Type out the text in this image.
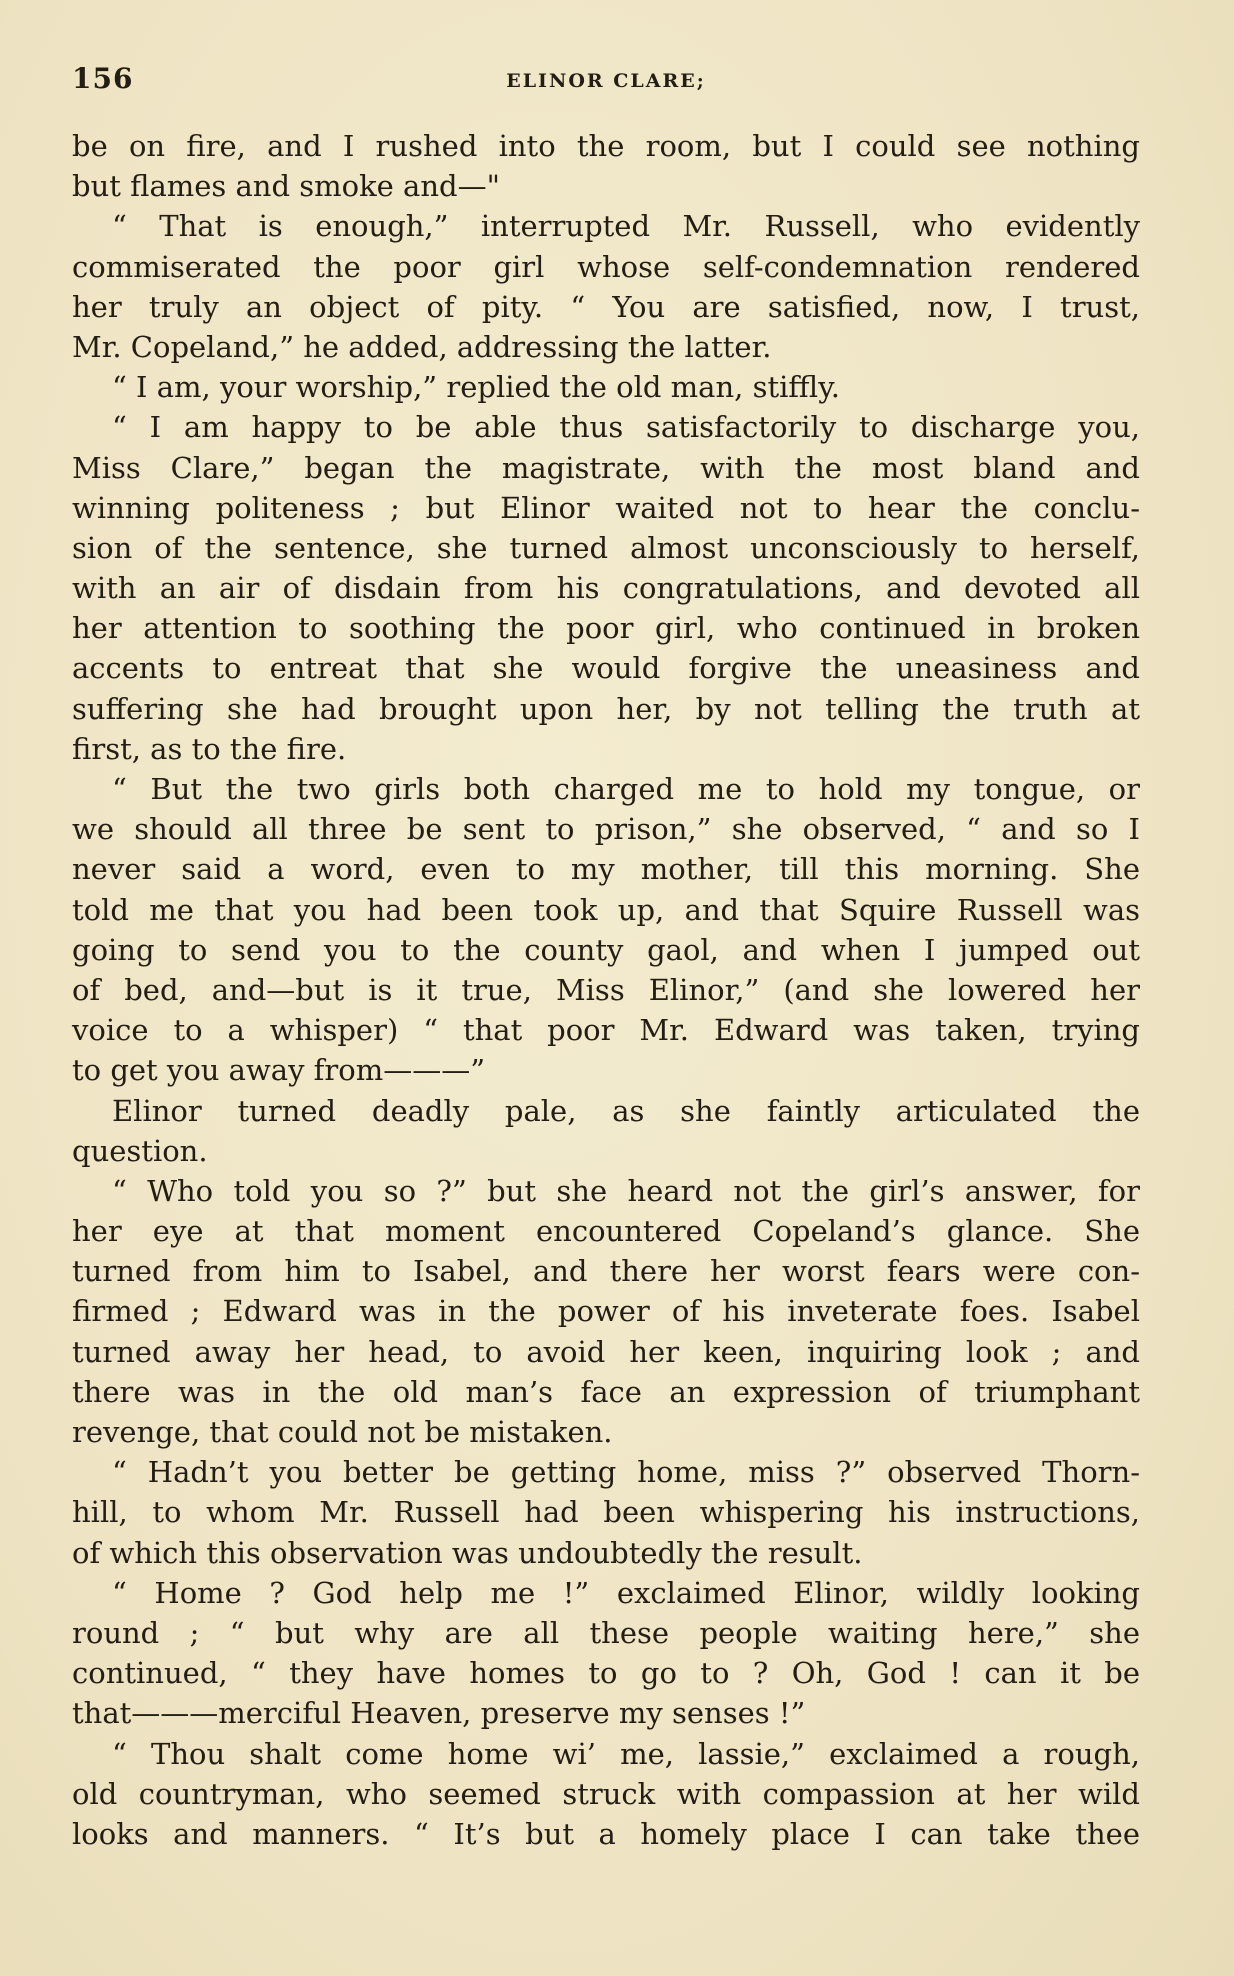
156	ELINOR CLARE;
be on fire, and I rushed into the room, but I could see nothing
but flames and smoke and—"
“ That is enough,” interrupted Mr. Russell, who evidently
commiserated the poor girl whose self-condemnation rendered
her truly an object of pity. “ You are satisfied, now, I trust,
Mr. Copeland,” he added, addressing the latter.
“ I am, your worship,” replied the old man, stiffly.
“ I am happy to be able thus satisfactorily to discharge you,
Miss Clare,” began the magistrate, with the most bland and
winning politeness ; but Elinor waited not to hear the conclu-
sion of the sentence, she turned almost unconsciously to herself,
with an air of disdain from his congratulations, and devoted all
her attention to soothing the poor girl, who continued in broken
accents to entreat that she would forgive the uneasiness and
suffering she had brought upon her, by not telling the truth at
first, as to the fire.
“ But the two girls both charged me to hold my tongue, or
we should all three be sent to prison,” she observed, “ and so I
never said a word, even to my mother, till this morning. She
told me that you had been took up, and that Squire Russell was
going to send you to the county gaol, and when I jumped out
of bed, and—but is it true, Miss Elinor,” (and she lowered her
voice to a whisper) “ that poor Mr. Edward was taken, trying
to get you away from———”
Elinor turned deadly pale, as she faintly articulated the
question.
“ Who told you so ?” but she heard not the girl’s answer, for
her eye at that moment encountered Copeland’s glance. She
turned from him to Isabel, and there her worst fears were con-
firmed ; Edward was in the power of his inveterate foes. Isabel
turned away her head, to avoid her keen, inquiring look ; and
there was in the old man’s face an expression of triumphant
revenge, that could not be mistaken.
“ Hadn’t you better be getting home, miss ?” observed Thorn-
hill, to whom Mr. Russell had been whispering his instructions,
of which this observation was undoubtedly the result.
“ Home ? God help me !” exclaimed Elinor, wildly looking
round ; “ but why are all these people waiting here,” she
continued, “ they have homes to go to ? Oh, God ! can it be
that———merciful Heaven, preserve my senses !”
“ Thou shalt come home wi’ me, lassie,” exclaimed a rough,
old countryman, who seemed struck with compassion at her wild
looks and manners. “ It’s but a homely place I can take thee
